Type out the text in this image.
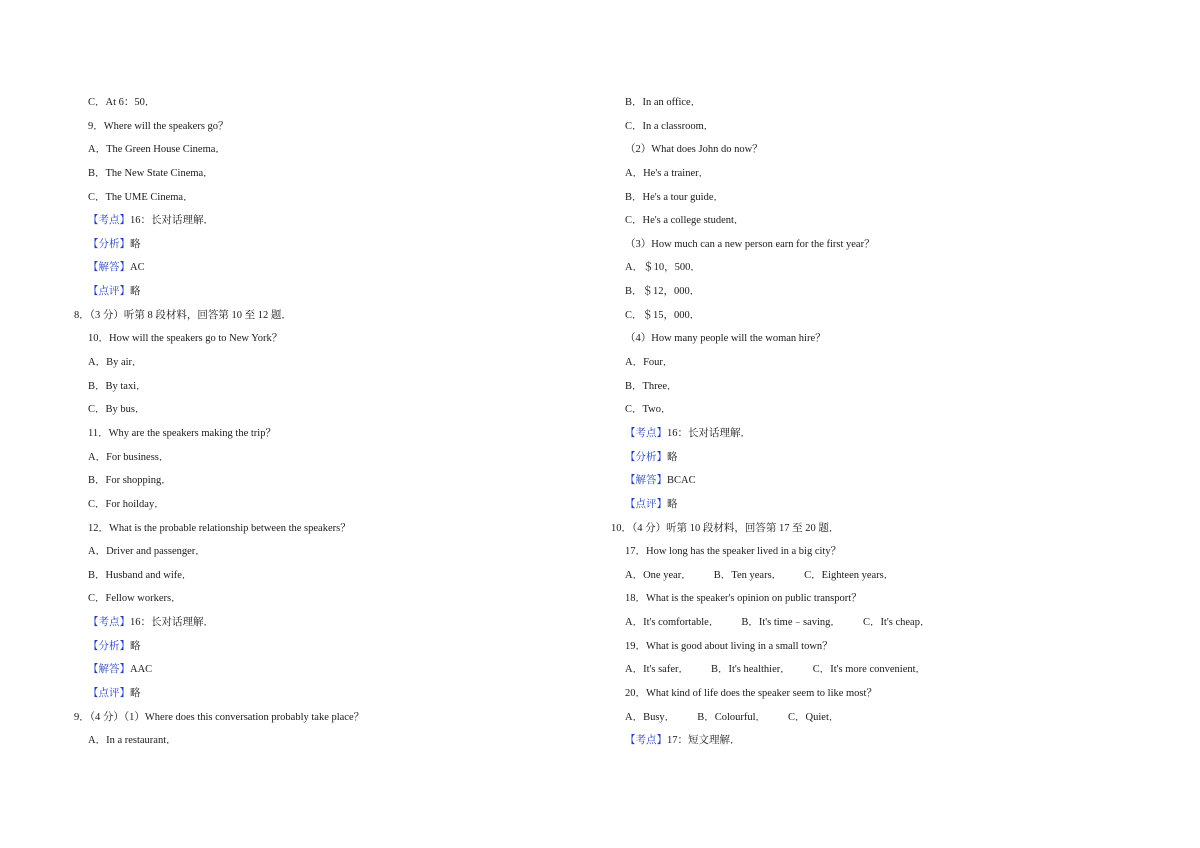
C．At 6：50．
9．Where will the speakers go？
A．The Green House Cinema．
B．The New State Cinema．
C．The UME Cinema．
【考点】16：长对话理解．
【分析】略
【解答】AC
【点评】略
8．（3 分）听第 8 段材料，回答第 10 至 12 题．
10．How will the speakers go to New York？
A．By air．
B．By taxi．
C．By bus．
11．Why are the speakers making the trip？
A．For business．
B．For shopping．
C．For hoilday．
12．What is the probable relationship between the speakers？
A．Driver and passenger．
B．Husband and wife．
C．Fellow workers．
【考点】16：长对话理解．
【分析】略
【解答】AAC
【点评】略
9．（4 分）（1）Where does this conversation probably take place？
A．In a restaurant．
B．In an office．
C．In a classroom．
（2）What does John do now？
A．He's a trainer．
B．He's a tour guide．
C．He's a college student．
（3）How much can a new person earn for the first year？
A．＄10，500．
B．＄12，000．
C．＄15，000．
（4）How many people will the woman hire？
A．Four．
B．Three．
C．Two．
【考点】16：长对话理解．
【分析】略
【解答】BCAC
【点评】略
10．（4 分）听第 10 段材料，回答第 17 至 20 题．
17．How long has the speaker lived in a big city？
A．One year． B．Ten years． C．Eighteen years．
18．What is the speaker's opinion on public transport？
A．It's comfortable． B．It's time﹣saving． C．It's cheap．
19．What is good about living in a small town？
A．It's safer． B．It's healthier． C．It's more convenient．
20．What kind of life does the speaker seem to like most？
A．Busy． B．Colourful． C．Quiet．
【考点】17：短文理解．
